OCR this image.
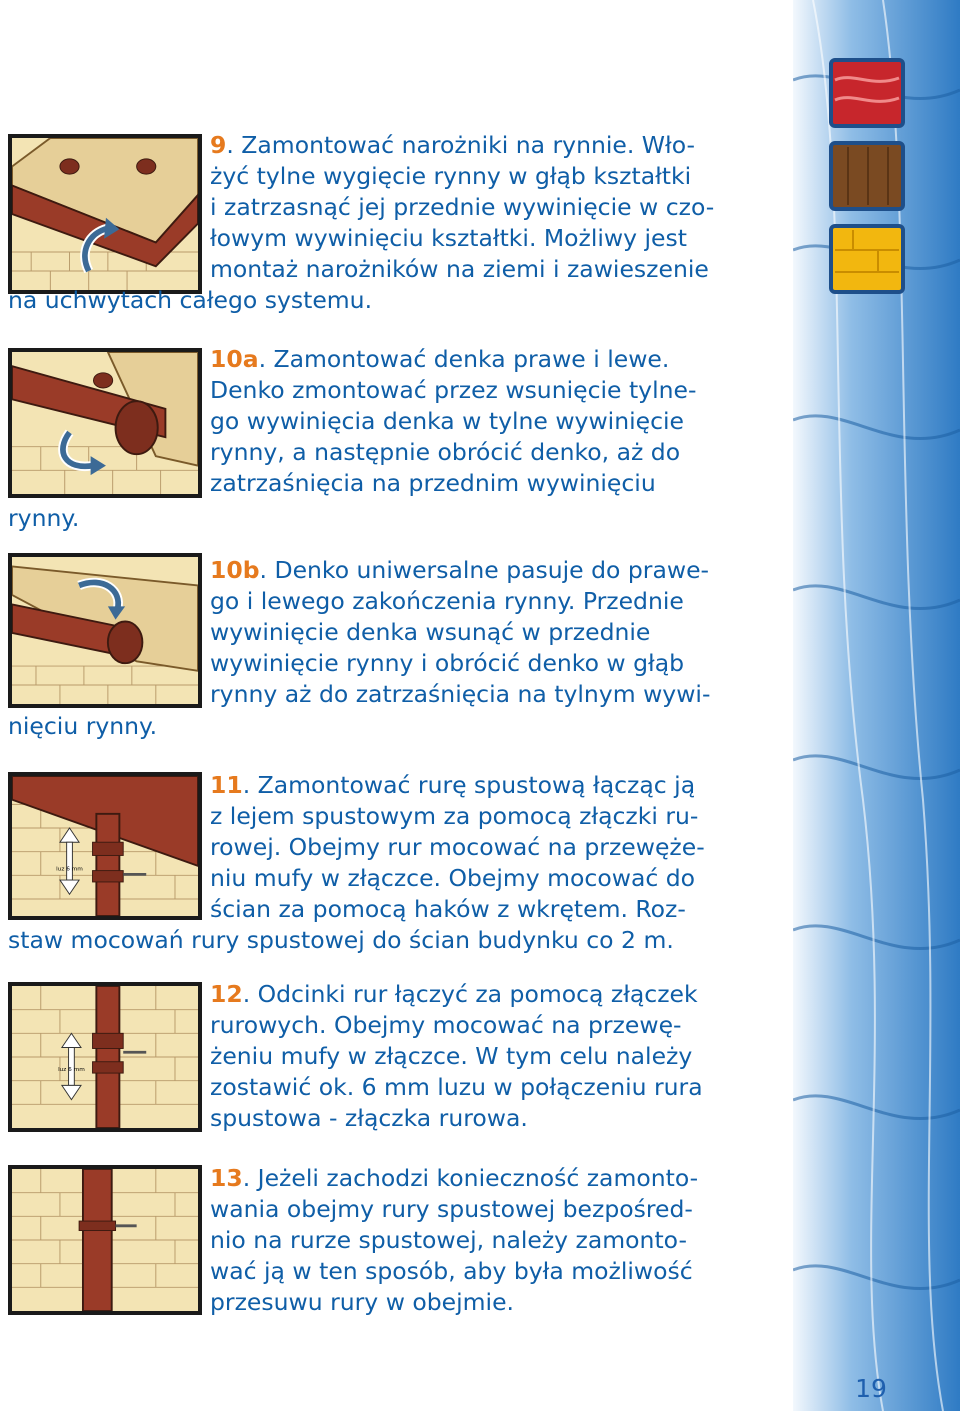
9. Zamontować narożniki na rynnie. Wło-
żyć tylne wygięcie rynny w głąb kształtki
i zatrzasnąć jej przednie wywinięcie w czo-
łowym wywinięciu kształtki. Możliwy jest
montaż narożników na ziemi i zawieszenie
na uchwytach całego systemu.
10a. Zamontować denka prawe i lewe.
Denko zmontować przez wsunięcie tylne-
go wywinięcia denka w tylne wywinięcie
rynny, a następnie obrócić denko, aż do
zatrzaśnięcia na przednim wywinięciu
rynny.
10b. Denko uniwersalne pasuje do prawe-
go i lewego zakończenia rynny. Przednie
wywinięcie denka wsunąć w przednie
wywinięcie rynny i obrócić denko w głąb
rynny aż do zatrzaśnięcia na tylnym wywi-
nięciu rynny.
luz 6 mm
11. Zamontować rurę spustową łącząc ją
z lejem spustowym za pomocą złączki ru-
rowej. Obejmy rur mocować na przewęże-
niu mufy w złączce. Obejmy mocować do
ścian za pomocą haków z wkrętem. Roz-
staw mocowań rury spustowej do ścian budynku co 2 m.
luz 6 mm
12. Odcinki rur łączyć za pomocą złączek
rurowych. Obejmy mocować na przewę-
żeniu mufy w złączce. W tym celu należy
zostawić ok. 6 mm luzu w połączeniu rura
spustowa - złączka rurowa.
13. Jeżeli zachodzi konieczność zamonto-
wania obejmy rury spustowej bezpośred-
nio na rurze spustowej, należy zamonto-
wać ją w ten sposób, aby była możliwość
przesuwu rury w obejmie.
19
